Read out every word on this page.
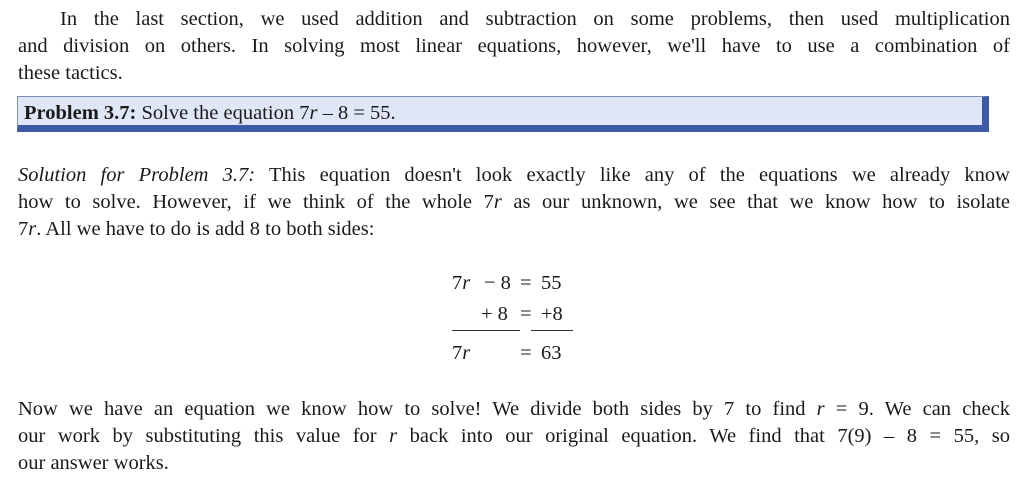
In the last section, we used addition and subtraction on some problems, then used multiplication
and division on others. In solving most linear equations, however, we'll have to use a combination of
these tactics.
Problem 3.7: Solve the equation 7r – 8 = 55.
Solution for Problem 3.7: This equation doesn't look exactly like any of the equations we already know
how to solve. However, if we think of the whole 7r as our unknown, we see that we know how to isolate
7r. All we have to do is add 8 to both sides:
7r − 8 = 55
+ 8 = +8
7r = 63
Now we have an equation we know how to solve! We divide both sides by 7 to find r = 9. We can check
our work by substituting this value for r back into our original equation. We find that 7(9) – 8 = 55, so
our answer works.
